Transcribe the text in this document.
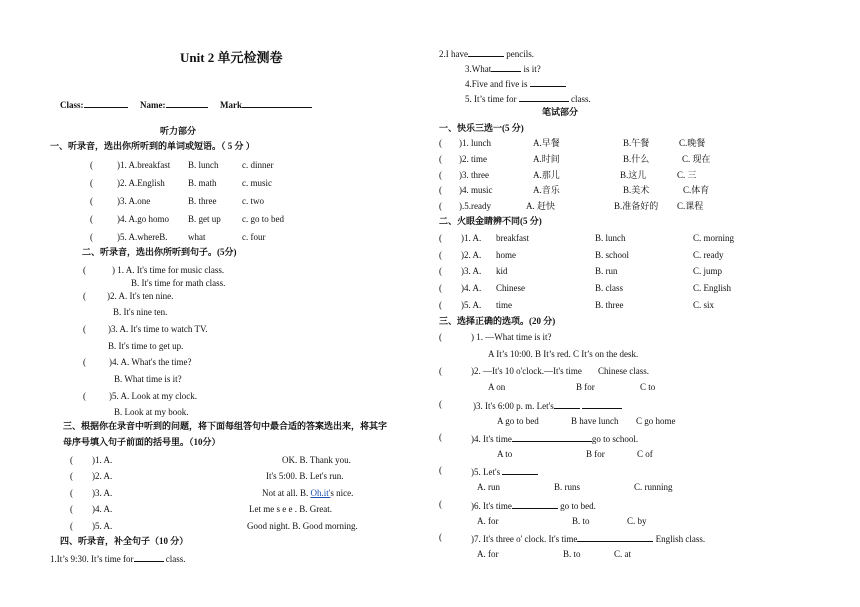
Unit 2 单元检测卷
Class:	Name:	Mark
听力部分
一、听录音，选出你所听到的单词或短语。（ 5 分 ）
(	)1. A.breakfast B. lunch	c. dinner
(	)2. A.English	B. math	c. music
(	)3. A.one	B. three	c. two
(	)4. A.go homo B. get up c. go to bed
(	)5. A.whereB. what	c. four
二、听录音，选出你所听到句子。(5分)
(	) 1. A. It's time for music class.
B. It's time for math class.
( )2. A. It's ten nine.
B. It's nine ten.
( )3. A. It's time to watch TV.
B. It's time to get up.
(	)4. A. What's the time?
B. What time is it?
(	)5. A. Look at my clock.
B. Look at my book.
三、根据你在录音中听到的问题，将下面每组答句中最合适的答案选出来，将其字
母序号填入句子前面的括号里。（10分）
( )1. A.	OK. B. Thank you.
( )2. A.	It's 5:00. B. Let's run.
( )3. A.	Not at all. B. Oh.it's nice.
( )4. A.	Let me s e e . B. Great.
( )5. A.	Good night. B. Good morning.
四、听录音，补全句子（10 分）
1.It’s 9:30. It’s time for	class.
2.I have	pencils.
3.What	is it?
4.Five and five is
5. It’s time for	class.
笔试部分
一、快乐三选一(5 分)
( )1. lunch	A.早餐	B.午餐	C.晚餐
( )2. time	A.时间	B.什么	C. 现在
( )3. three	A.那儿	B.这儿	C. 三
( )4. music	A.音乐	B.美术	C.体育
( ).5.ready	A. 赶快	B.准备好的 C.课程
二、火眼金睛辨不同(5 分)
( )1. A. breakfast	B. lunch	C. morning
( )2. A. home	B. school	C. ready
( )3. A. kid	B. run	C. jump
( )4. A. Chinese	B. class	C. English
( )5. A. time	B. three	C. six
三、选择正确的选项。(20 分)
(	) 1. —What time is it?
A It’s 10:00. B It’s red. C It’s on the desk.
(	)2. —It's 10 o'clock.—It's time Chinese class.
A on	B for	C to
(	)3. It's 6:00 p. m. Let's
A go to bed	B have lunch C go home
(	)4. It's time	go to school.
A to	B for	C of
(	)5. Let's
A. run	B. runs	C. running
(	)6. It's time	go to bed.
A. for	B. to	C. by
(	)7. It's three o' clock. It's time	English class.
A. for	B. to	C. at
